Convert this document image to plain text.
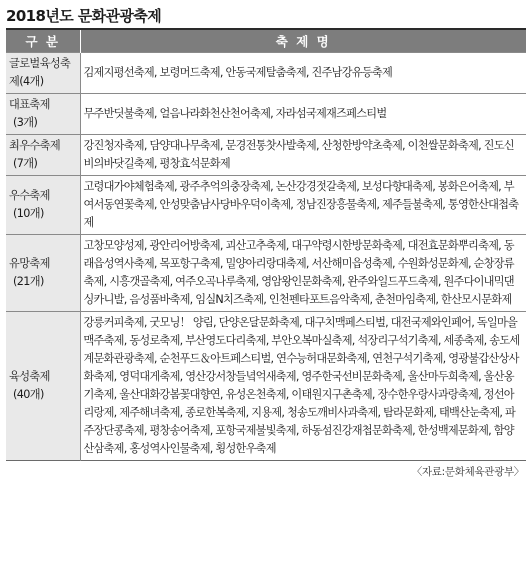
2018년도 문화관광축제
구 분	축 제 명
글로벌육성축제(4개)	김제지평선축제, 보령머드축제, 안동국제탈춤축제, 진주남강유등축제
대표축제
(3개)	무주반딧불축제, 얼음나라화천산천어축제, 자라섬국제재즈페스티벌
최우수축제
(7개)	강진청자축제, 담양대나무축제, 문경전통찻사발축제, 산청한방약초축제, 이천쌀문화축제, 진도신비의바닷길축제, 평창효석문화제
우수축제
(10개)	고령대가야체험축제, 광주추억의충장축제, 논산강경젓갈축제, 보성다향대축제, 봉화은어축제, 부여서동연꽃축제, 안성맞춤남사당바우덕이축제, 정남진장흥물축제, 제주들불축제, 통영한산대첩축제
유망축제
(21개)	고창모양성제, 광안리어방축제, 괴산고추축제, 대구약령시한방문화축제, 대전효문화뿌리축제, 동래읍성역사축제, 목포항구축제, 밀양아리랑대축제, 서산해미읍성축제, 수원화성문화제, 순창장류축제, 시흥갯골축제, 여주오곡나루축제, 영암왕인문화축제, 완주와일드푸드축제, 원주다이내믹댄싱카니발, 음성품바축제, 임실N치즈축제, 인천펜타포트음악축제, 춘천마임축제, 한산모시문화제
육성축제
(40개)	강릉커피축제, 굿모닝！ 양림, 단양온달문화축제, 대구치맥페스티벌, 대전국제와인페어, 독일마을맥주축제, 동성로축제, 부산영도다리축제, 부안오복마실축제, 석장리구석기축제, 세종축제, 송도세계문화관광축제, 순천푸드＆아트페스티벌, 연수능허대문화축제, 연천구석기축제, 영광불갑산상사화축제, 영덕대게축제, 영산강서창들녘억새축제, 영주한국선비문화축제, 울산마두희축제, 울산옹기축제, 울산대화강봄꽃대향연, 유성온천축제, 이태원지구촌축제, 장수한우랑사과랑축제, 정선아리랑제, 제주해녀축제, 종로한복축제, 지용제, 청송도깨비사과축제, 탐라문화제, 태백산눈축제, 파주장단콩축제, 평창송어축제, 포항국제불빛축제, 하동섬진강재첩문화축제, 한성백제문화제, 함양산삼축제, 홍성역사인물축제, 횡성한우축제
〈자료:문화체육관광부〉
